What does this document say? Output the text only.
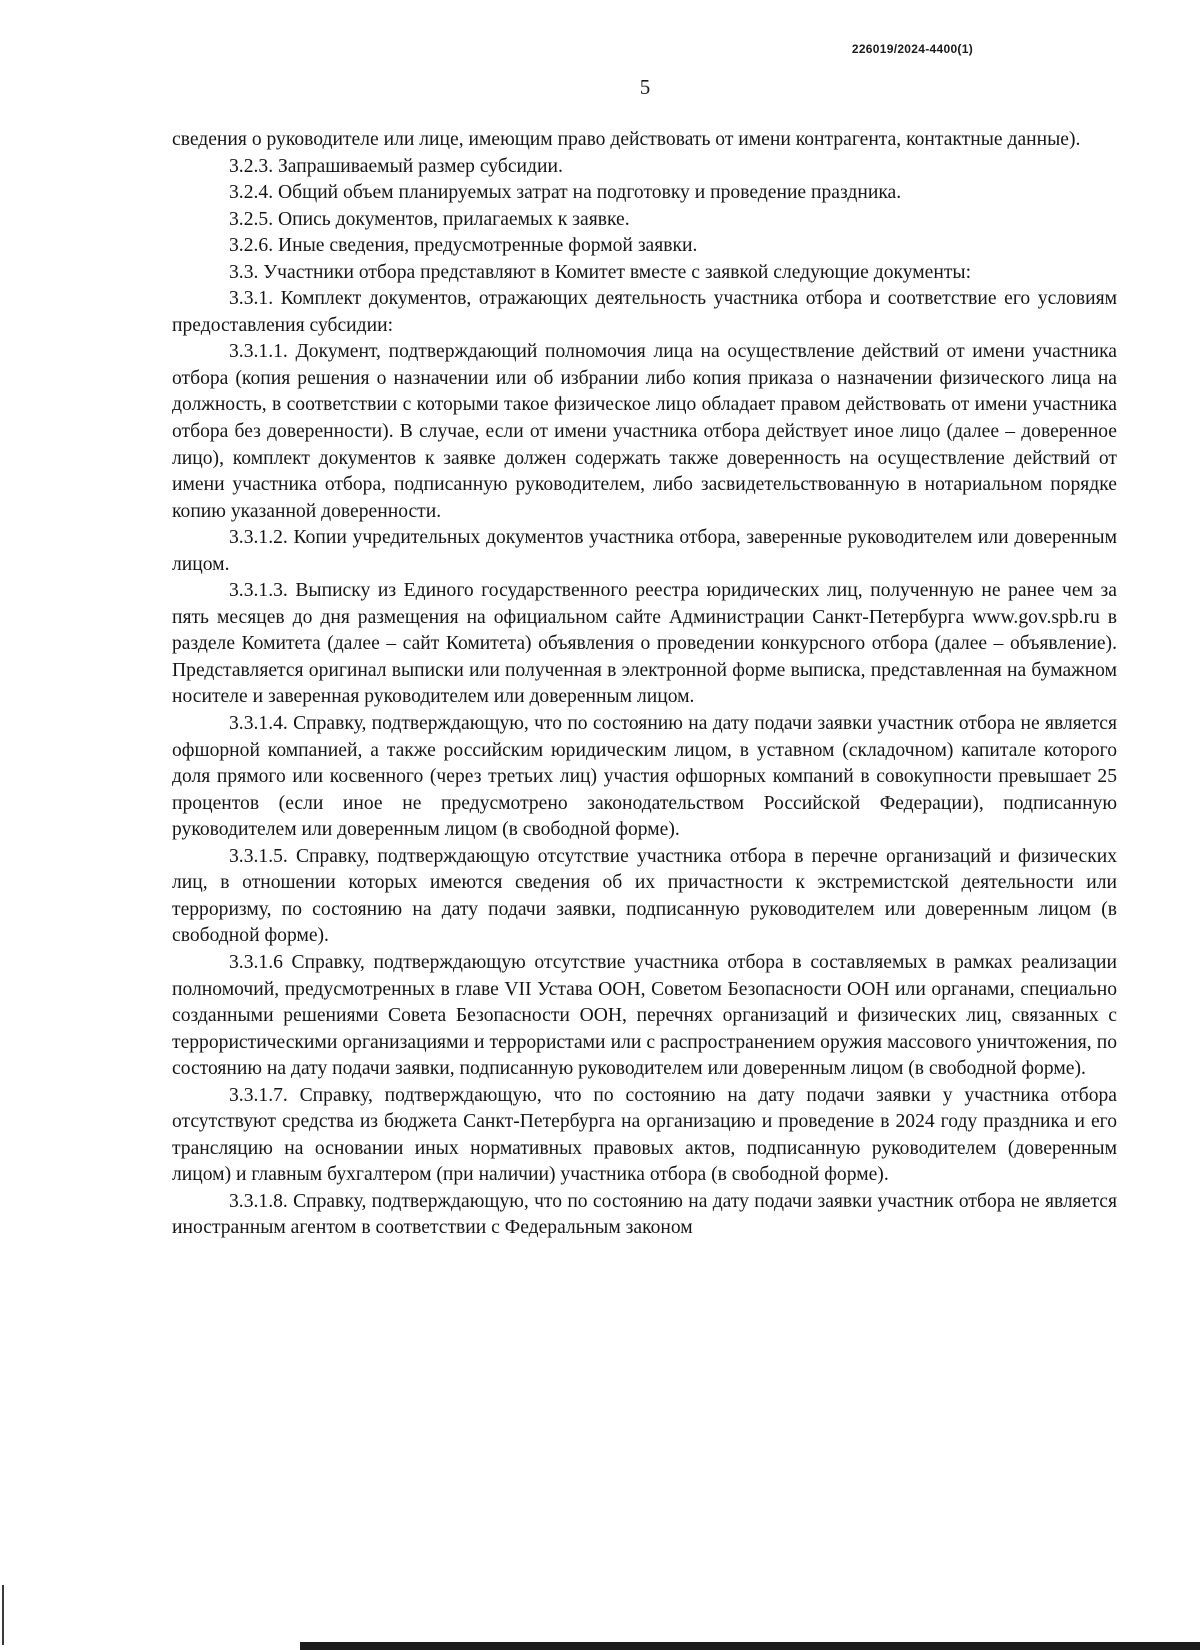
226019/2024-4400(1)
5

сведения о руководителе или лице, имеющим право действовать от имени контрагента, контактные данные).

3.2.3. Запрашиваемый размер субсидии.

3.2.4. Общий объем планируемых затрат на подготовку и проведение праздника.

3.2.5. Опись документов, прилагаемых к заявке.

3.2.6. Иные сведения, предусмотренные формой заявки.

3.3. Участники отбора представляют в Комитет вместе с заявкой следующие документы:

3.3.1. Комплект документов, отражающих деятельность участника отбора и соответствие его условиям предоставления субсидии:

3.3.1.1. Документ, подтверждающий полномочия лица на осуществление действий от имени участника отбора (копия решения о назначении или об избрании либо копия приказа о назначении физического лица на должность, в соответствии с которыми такое физическое лицо обладает правом действовать от имени участника отбора без доверенности). В случае, если от имени участника отбора действует иное лицо (далее – доверенное лицо), комплект документов к заявке должен содержать также доверенность на осуществление действий от имени участника отбора, подписанную руководителем, либо засвидетельствованную в нотариальном порядке копию указанной доверенности.

3.3.1.2. Копии учредительных документов участника отбора, заверенные руководителем или доверенным лицом.

3.3.1.3. Выписку из Единого государственного реестра юридических лиц, полученную не ранее чем за пять месяцев до дня размещения на официальном сайте Администрации Санкт-Петербурга www.gov.spb.ru в разделе Комитета (далее – сайт Комитета) объявления о проведении конкурсного отбора (далее – объявление). Представляется оригинал выписки или полученная в электронной форме выписка, представленная на бумажном носителе и заверенная руководителем или доверенным лицом.

3.3.1.4. Справку, подтверждающую, что по состоянию на дату подачи заявки участник отбора не является офшорной компанией, а также российским юридическим лицом, в уставном (складочном) капитале которого доля прямого или косвенного (через третьих лиц) участия офшорных компаний в совокупности превышает 25 процентов (если иное не предусмотрено законодательством Российской Федерации), подписанную руководителем или доверенным лицом (в свободной форме).

3.3.1.5. Справку, подтверждающую отсутствие участника отбора в перечне организаций и физических лиц, в отношении которых имеются сведения об их причастности к экстремистской деятельности или терроризму, по состоянию на дату подачи заявки, подписанную руководителем или доверенным лицом (в свободной форме).

3.3.1.6 Справку, подтверждающую отсутствие участника отбора в составляемых в рамках реализации полномочий, предусмотренных в главе VII Устава ООН, Советом Безопасности ООН или органами, специально созданными решениями Совета Безопасности ООН, перечнях организаций и физических лиц, связанных с террористическими организациями и террористами или с распространением оружия массового уничтожения, по состоянию на дату подачи заявки, подписанную руководителем или доверенным лицом (в свободной форме).

3.3.1.7. Справку, подтверждающую, что по состоянию на дату подачи заявки у участника отбора отсутствуют средства из бюджета Санкт-Петербурга на организацию и проведение в 2024 году праздника и его трансляцию на основании иных нормативных правовых актов, подписанную руководителем (доверенным лицом) и главным бухгалтером (при наличии) участника отбора (в свободной форме).

3.3.1.8. Справку, подтверждающую, что по состоянию на дату подачи заявки участник отбора не является иностранным агентом в соответствии с Федеральным законом
